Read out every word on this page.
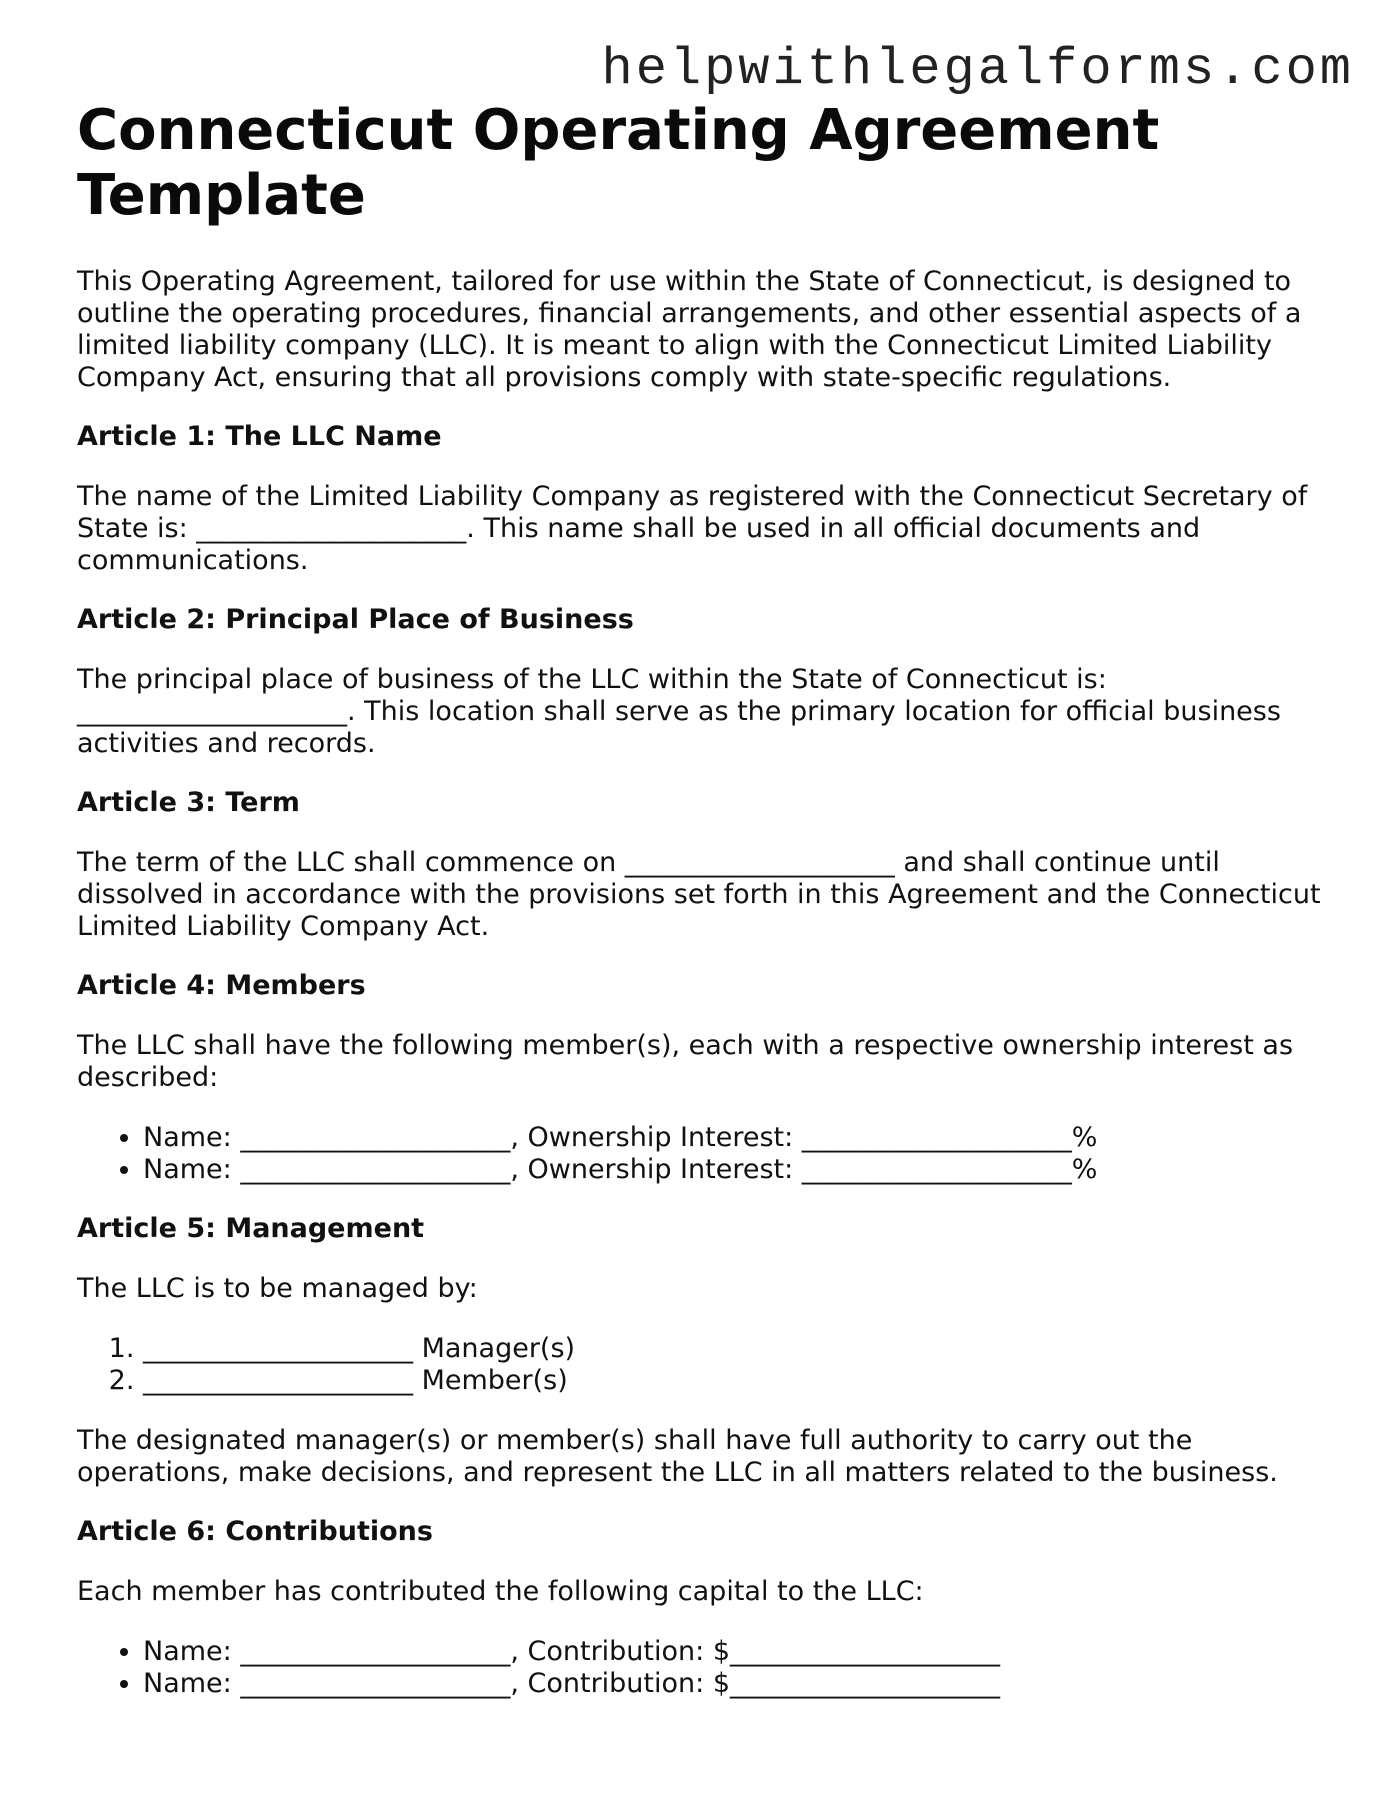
helpwithlegalforms.com
Connecticut Operating Agreement Template

This Operating Agreement, tailored for use within the State of Connecticut, is designed to outline the operating procedures, financial arrangements, and other essential aspects of a limited liability company (LLC). It is meant to align with the Connecticut Limited Liability Company Act, ensuring that all provisions comply with state-specific regulations.

Article 1: The LLC Name

The name of the Limited Liability Company as registered with the Connecticut Secretary of State is: ____________________. This name shall be used in all official documents and communications.

Article 2: Principal Place of Business

The principal place of business of the LLC within the State of Connecticut is: ____________________. This location shall serve as the primary location for official business activities and records.

Article 3: Term

The term of the LLC shall commence on ____________________ and shall continue until dissolved in accordance with the provisions set forth in this Agreement and the Connecticut Limited Liability Company Act.

Article 4: Members

The LLC shall have the following member(s), each with a respective ownership interest as described:

• Name: ____________________, Ownership Interest: ____________________%
• Name: ____________________, Ownership Interest: ____________________%
Article 5: Management

The LLC is to be managed by:

1. ____________________ Manager(s)
2. ____________________ Member(s)

The designated manager(s) or member(s) shall have full authority to carry out the operations, make decisions, and represent the LLC in all matters related to the business.

Article 6: Contributions

Each member has contributed the following capital to the LLC:

• Name: ____________________, Contribution: $____________________
• Name: ____________________, Contribution: $____________________
